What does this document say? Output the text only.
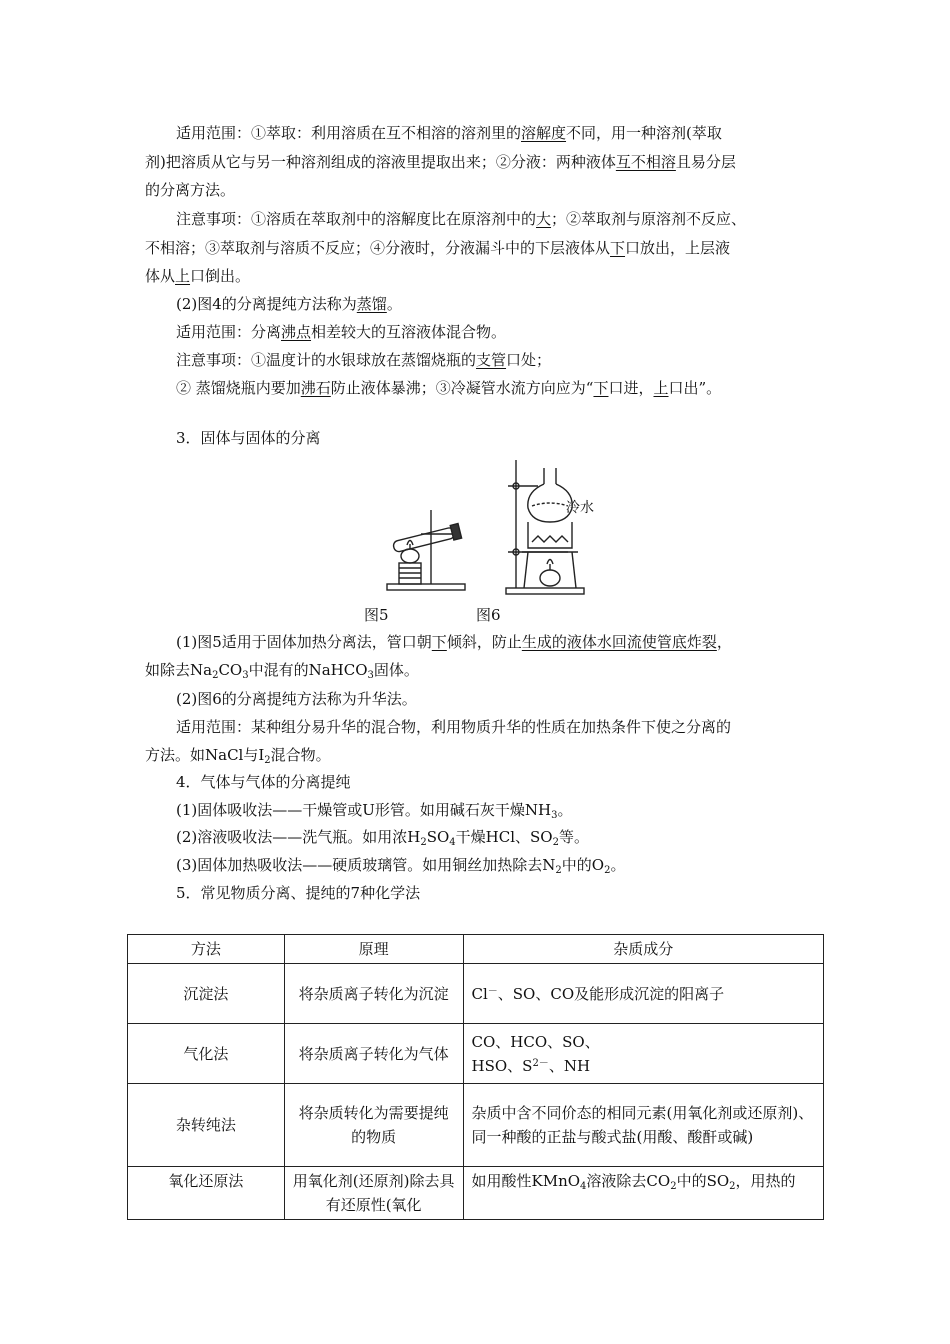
适用范围：①萃取：利用溶质在互不相溶的溶剂里的溶解度不同，用一种溶剂(萃取
剂)把溶质从它与另一种溶剂组成的溶液里提取出来；②分液：两种液体互不相溶且易分层
的分离方法。
注意事项：①溶质在萃取剂中的溶解度比在原溶剂中的大；②萃取剂与原溶剂不反应、
不相溶；③萃取剂与溶质不反应；④分液时，分液漏斗中的下层液体从下口放出，上层液
体从上口倒出。
(2)图4的分离提纯方法称为蒸馏。
适用范围：分离沸点相差较大的互溶液体混合物。
注意事项：①温度计的水银球放在蒸馏烧瓶的支管口处；
② 蒸馏烧瓶内要加沸石防止液体暴沸；③冷凝管水流方向应为“下口进，上口出”。
3．固体与固体的分离
冷水
图5	图6
(1)图5适用于固体加热分离法，管口朝下倾斜，防止生成的液体水回流使管底炸裂，
如除去$Na_2CO_3$中混有的NaHCO$_3$固体。
(2)图6的分离提纯方法称为升华法。
适用范围：某种组分易升华的混合物，利用物质升华的性质在加热条件下使之分离的
方法。如NaCl与$I_2$混合物。
4．气体与气体的分离提纯
(1)固体吸收法——干燥管或U形管。如用碱石灰干燥$NH_3$。
(2)溶液吸收法——洗气瓶。如用浓$H_2SO_4$干燥HCl、$SO_2$等。
(3)固体加热吸收法——硬质玻璃管。如用铜丝加热除去$N_2$中的$O_2$。
5．常见物质分离、提纯的7种化学法
方法	原理	杂质成分
沉淀法	将杂质离子转化为沉淀	Cl－、SO、CO及能形成沉淀的阳离子
气化法	将杂质离子转化为气体	CO、HCO、SO、
HSO、$S^{2-}$、NH

杂转纯法	将杂质转化为需要提纯的物质	杂质中含不同价态的相同元素(用氧化剂或还原剂)、同一种酸的正盐与酸式盐(用酸、酸酐或碱)
氧化还原法	用氧化剂(还原剂)除去具有还原性(氧化	如用酸性KMnO$_4$溶液除去$CO_2$中的$SO_2$，用热的
